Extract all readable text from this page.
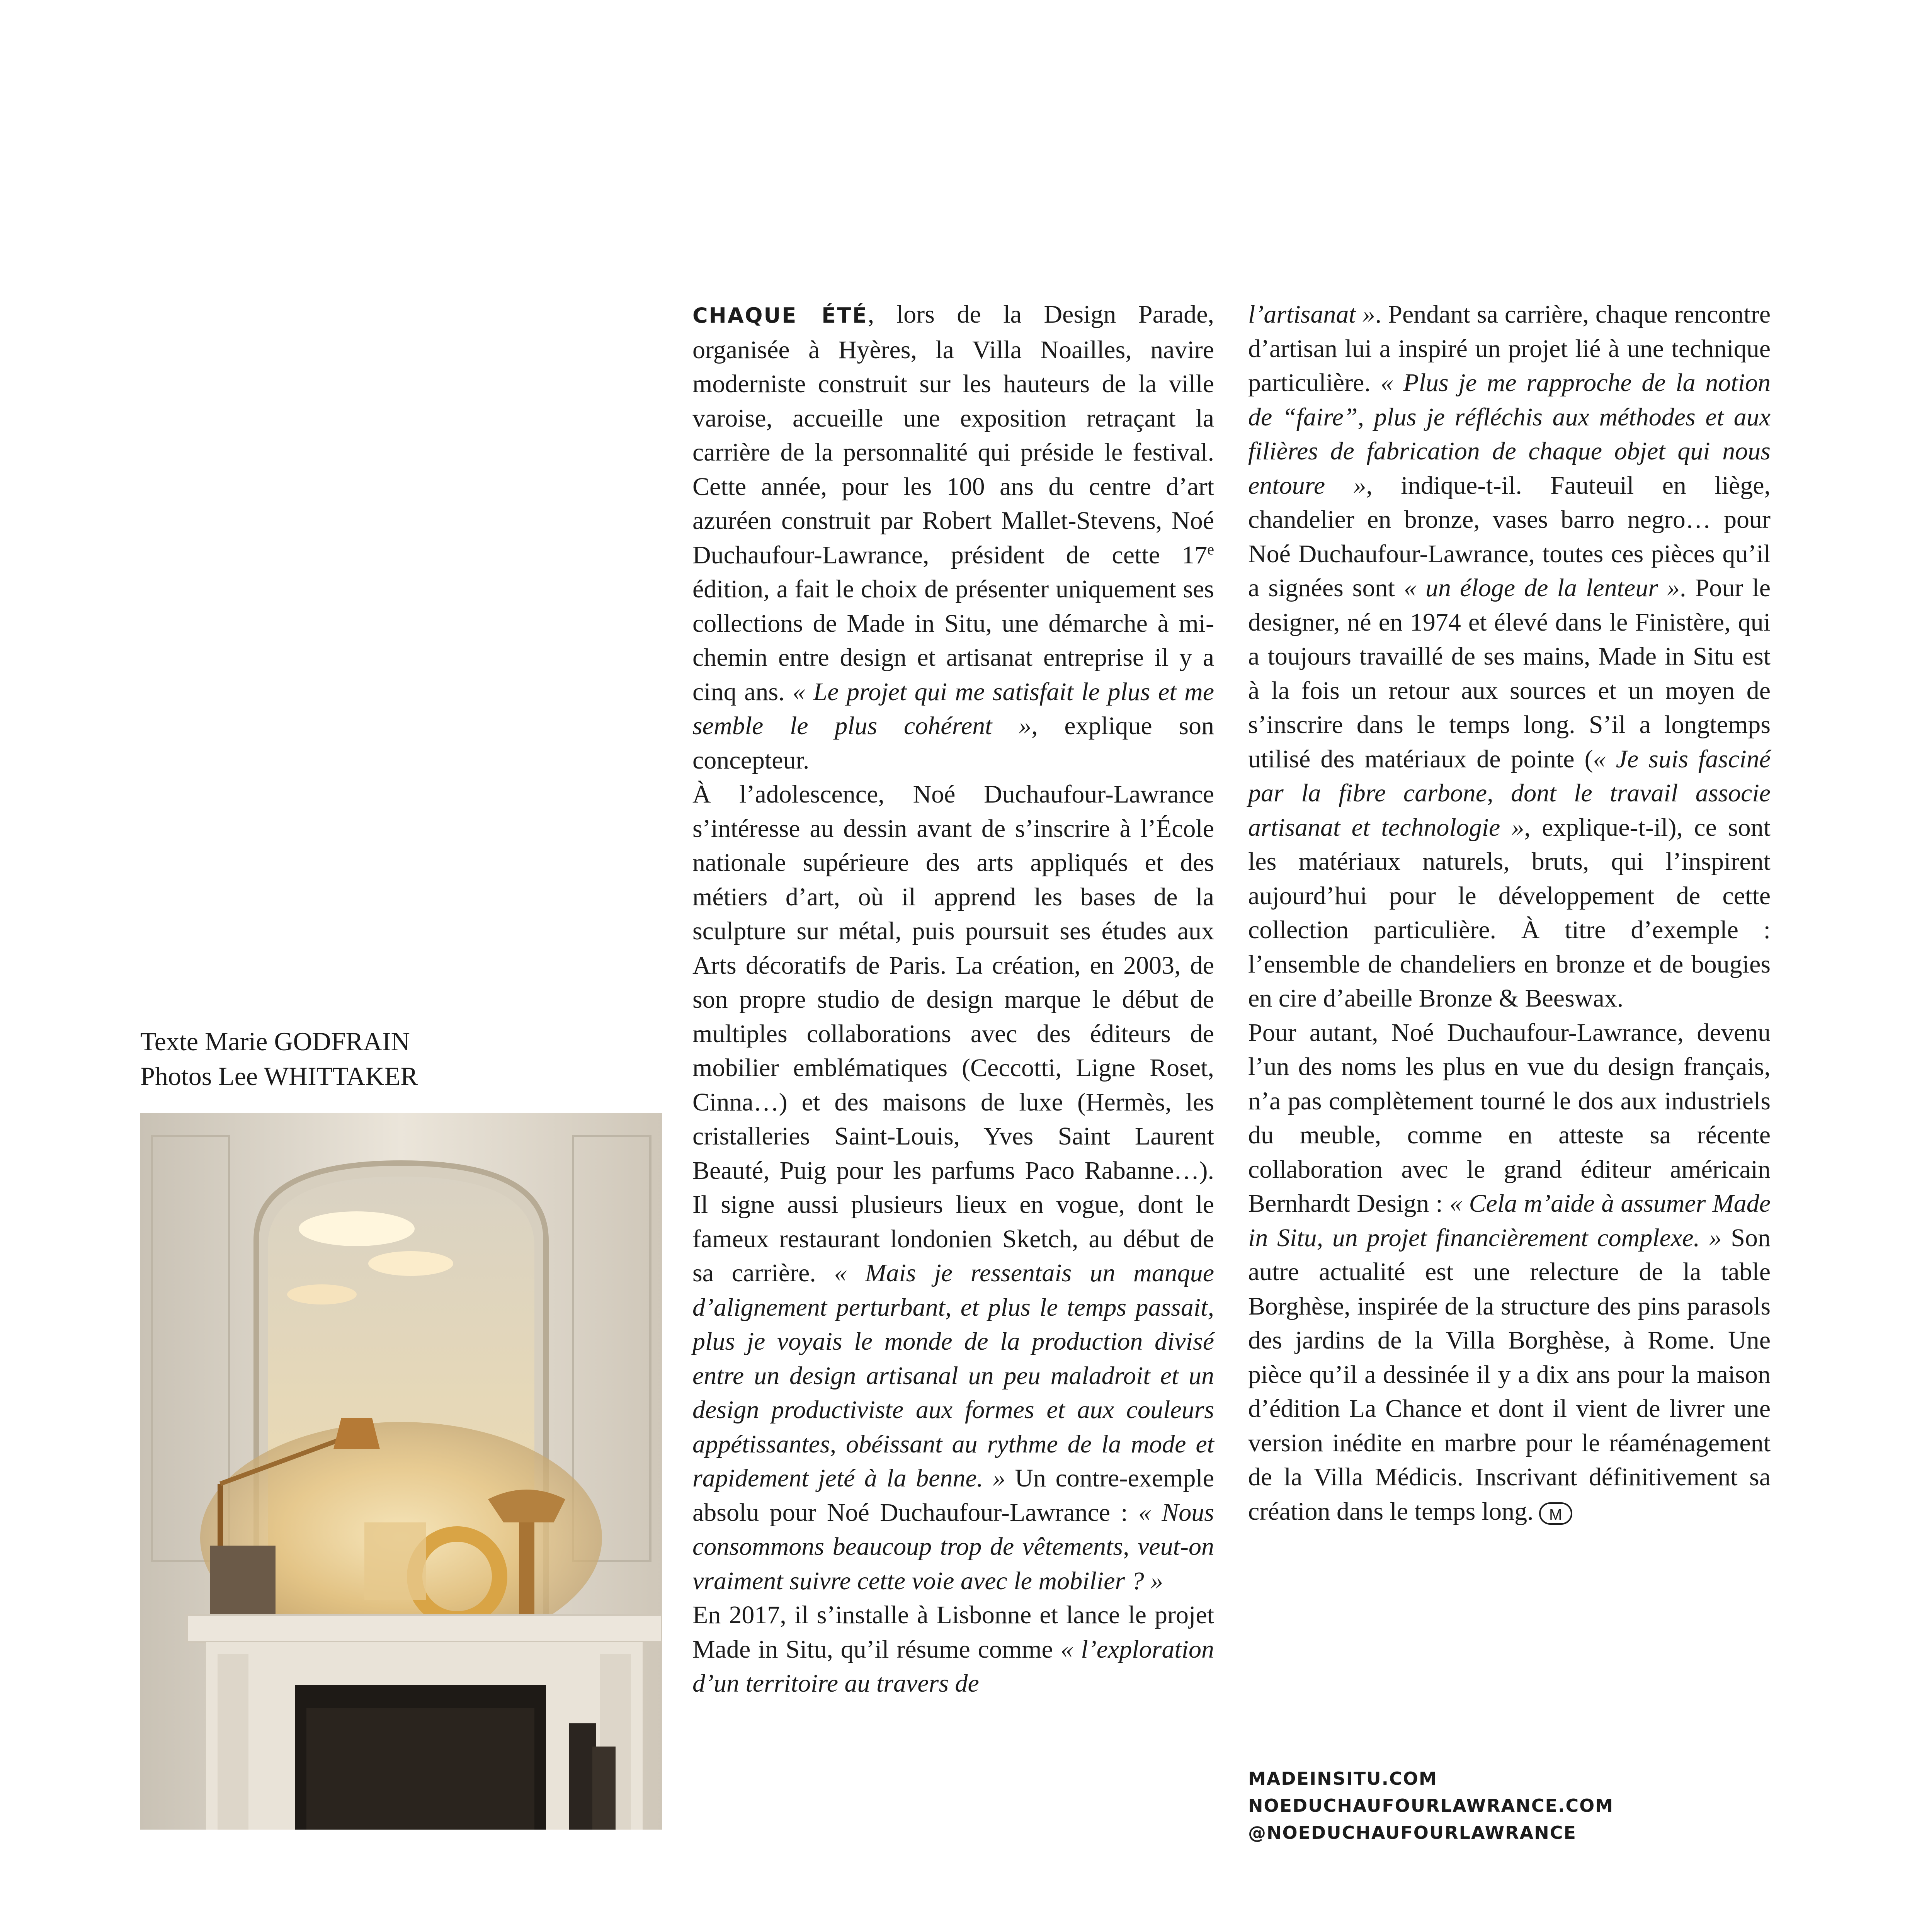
Texte Marie GODFRAIN
Photos Lee WHITTAKER

CHAQUE ÉTÉ, lors de la Design Parade, organisée à Hyères, la Villa Noailles, navire moderniste construit sur les hauteurs de la ville varoise, accueille une exposition retraçant la carrière de la personnalité qui préside le festival. Cette année, pour les 100 ans du centre d’art azuréen construit par Robert Mallet-Stevens, Noé Duchaufour-Lawrance, président de cette 17e édition, a fait le choix de présenter uniquement ses collections de Made in Situ, une démarche à mi-chemin entre design et artisanat entreprise il y a cinq ans. « Le projet qui me satisfait le plus et me semble le plus cohérent », explique son concepteur.

À l’adolescence, Noé Duchaufour-Lawrance s’intéresse au dessin avant de s’inscrire à l’École nationale supérieure des arts appliqués et des métiers d’art, où il apprend les bases de la sculpture sur métal, puis poursuit ses études aux Arts décoratifs de Paris. La création, en 2003, de son propre studio de design marque le début de multiples collaborations avec des éditeurs de mobilier emblématiques (Ceccotti, Ligne Roset, Cinna…) et des maisons de luxe (Hermès, les cristalleries Saint-Louis, Yves Saint Laurent Beauté, Puig pour les parfums Paco Rabanne…). Il signe aussi plusieurs lieux en vogue, dont le fameux restaurant londonien Sketch, au début de sa carrière. « Mais je ressentais un manque d’alignement perturbant, et plus le temps passait, plus je voyais le monde de la production divisé entre un design artisanal un peu maladroit et un design productiviste aux formes et aux couleurs appétissantes, obéissant au rythme de la mode et rapidement jeté à la benne. » Un contre-exemple absolu pour Noé Duchaufour-Lawrance : « Nous consommons beaucoup trop de vêtements, veut-on vraiment suivre cette voie avec le mobilier ? »

En 2017, il s’installe à Lisbonne et lance le projet Made in Situ, qu’il résume comme « l’exploration d’un territoire au travers de

l’artisanat ». Pendant sa carrière, chaque rencontre d’artisan lui a inspiré un projet lié à une technique particulière. « Plus je me rapproche de la notion de “faire”, plus je réfléchis aux méthodes et aux filières de fabrication de chaque objet qui nous entoure », indique-t-il. Fauteuil en liège, chandelier en bronze, vases barro negro… pour Noé Duchaufour-Lawrance, toutes ces pièces qu’il a signées sont « un éloge de la lenteur ». Pour le designer, né en 1974 et élevé dans le Finistère, qui a toujours travaillé de ses mains, Made in Situ est à la fois un retour aux sources et un moyen de s’inscrire dans le temps long. S’il a longtemps utilisé des matériaux de pointe (« Je suis fasciné par la fibre carbone, dont le travail associe artisanat et technologie », explique-t-il), ce sont les matériaux naturels, bruts, qui l’inspirent aujourd’hui pour le développement de cette collection particulière. À titre d’exemple : l’ensemble de chandeliers en bronze et de bougies en cire d’abeille Bronze & Beeswax.

Pour autant, Noé Duchaufour-Lawrance, devenu l’un des noms les plus en vue du design français, n’a pas complètement tourné le dos aux industriels du meuble, comme en atteste sa récente collaboration avec le grand éditeur américain Bernhardt Design : « Cela m’aide à assumer Made in Situ, un projet financièrement complexe. » Son autre actualité est une relecture de la table Borghèse, inspirée de la structure des pins parasols des jardins de la Villa Borghèse, à Rome. Une pièce qu’il a dessinée il y a dix ans pour la maison d’édition La Chance et dont il vient de livrer une version inédite en marbre pour le réaménagement de la Villa Médicis. Inscrivant définitivement sa création dans le temps long. M

MADEINSITU.COM
NOEDUCHAUFOURLAWRANCE.COM
@NOEDUCHAUFOURLAWRANCE
